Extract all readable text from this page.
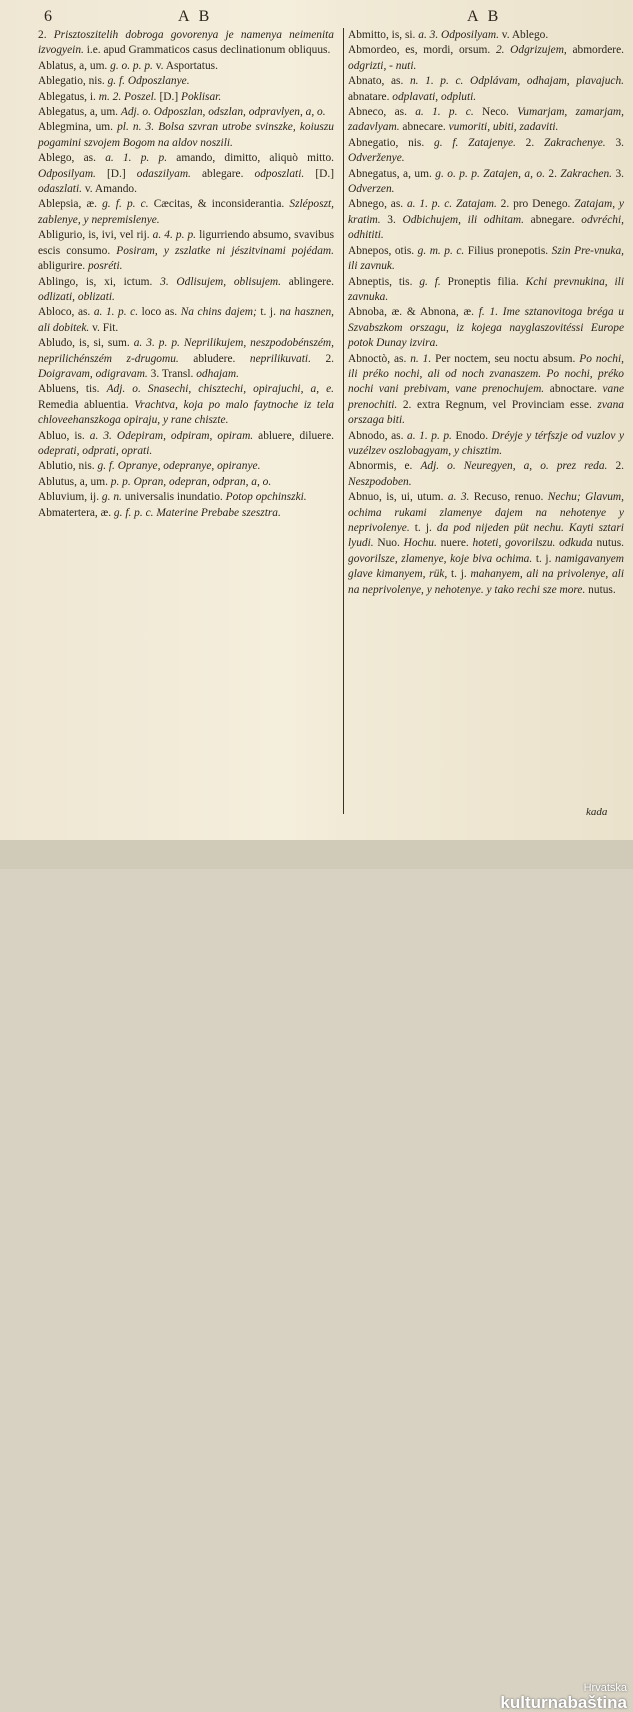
6	A B	A B

2. Prisztoszitelih dobroga govorenya je namenya neimenita izvogyein. i.e. apud Grammaticos casus declinationum obliquus.

Ablatus, a, um. g. o. p. p. v. Asportatus.

Ablegatio, nis. g. f. Odposzlanye.

Ablegatus, i. m. 2. Poszel. [D.] Poklisar.

Ablegatus, a, um. Adj. o. Odposzlan, odszlan, odpravlyen, a, o.

Ablegmina, um. pl. n. 3. Bolsa szvran utrobe svinszke, koiuszu pogamini szvojem Bogom na aldov noszili.

Ablego, as. a. 1. p. p. amando, dimitto, aliquò mitto. Odposilyam. [D.] odaszilyam. ablegare. odposzlati. [D.] odaszlati. v. Amando.

Ablepsia, æ. g. f. p. c. Cæcitas, & inconsiderantia. Szléposzt, zablenye, y nepremislenye.

Abligurio, is, ivi, vel rij. a. 4. p. p. ligurriendo absumo, svavibus escis consumo. Posiram, y zszlatke ni jészitvinami pojédam. abligurire. posréti.

Ablingo, is, xi, ictum. 3. Odlisujem, oblisujem. ablingere. odlizati, oblizati.

Abloco, as. a. 1. p. c. loco as. Na chins dajem; t. j. na hasznen, ali dobitek. v. Fit.

Abludo, is, si, sum. a. 3. p. p. Neprilikujem, neszpodobénszém, neprilichénszém z-drugomu. abludere. neprilikuvati. 2. Doigravam, odigravam. 3. Transl. odhajam.

Abluens, tis. Adj. o. Snasechi, chisztechi, opirajuchi, a, e. Remedia abluentia. Vrachtva, koja po malo faytnoche iz tela chloveehanszkoga opiraju, y rane chiszte.

Abluo, is. a. 3. Odepiram, odpiram, opiram. abluere, diluere. odeprati, odprati, oprati.

Ablutio, nis. g. f. Opranye, odepranye, opiranye.

Ablutus, a, um. p. p. Opran, odepran, odpran, a, o.

Abluvium, ij. g. n. universalis inundatio. Potop opchinszki.

Abmatertera, æ. g. f. p. c. Materine Prebabe szesztra.

Abmitto, is, si. a. 3. Odposilyam. v. Ablego.

Abmordeo, es, mordi, orsum. 2. Odgrizujem, abmordere. odgrizti, - nuti.

Abnato, as. n. 1. p. c. Odplávam, odhajam, plavajuch. abnatare. odplavati, odpluti.

Abneco, as. a. 1. p. c. Neco. Vumarjam, zamarjam, zadavlyam. abnecare. vumoriti, ubiti, zadaviti.

Abnegatio, nis. g. f. Zatajenye. 2. Zakrachenye. 3. Odverženye.

Abnegatus, a, um. g. o. p. p. Zatajen, a, o. 2. Zakrachen. 3. Odverzen.

Abnego, as. a. 1. p. c. Zatajam. 2. pro Denego. Zatajam, y kratim. 3. Odbichujem, ili odhitam. abnegare. odvréchi, odhititi.

Abnepos, otis. g. m. p. c. Filius pronepotis. Szin Pre-vnuka, ili zavnuk.

Abneptis, tis. g. f. Proneptis filia. Kchi prevnukina, ili zavnuka.

Abnoba, æ. & Abnona, æ. f. 1. Ime sztanovitoga bréga u Szvabszkom orszagu, iz kojega nayglaszovitéssi Europe potok Dunay izvira.

Abnoctò, as. n. 1. Per noctem, seu noctu absum. Po nochi, ili préko nochi, ali od noch zvanaszem. Po nochi, préko nochi vani prebivam, vane prenochujem. abnoctare. vane prenochiti. 2. extra Regnum, vel Provinciam esse. zvana orszaga biti.

Abnodo, as. a. 1. p. p. Enodo. Dréyje y térfszje od vuzlov y vuzélzev oszlobagyam, y chisztim.

Abnormis, e. Adj. o. Neuregyen, a, o. prez reda. 2. Neszpodoben.

Abnuo, is, ui, utum. a. 3. Recuso, renuo. Nechu; Glavum, ochima rukami zlamenye dajem na nehotenye y neprivolenye. t. j. da pod nijeden püt nechu. Kayti sztari lyudi. Nuo. Hochu. nuere. hoteti, govorilszu. odkuda nutus. govorilsze, zlamenye, koje biva ochima. t. j. namigavanyem glave kimanyem, rük, t. j. mahanyem, ali na privolenye, ali na neprivolenye, y nehotenye. y tako rechi sze more. nutus.

kada
Hrvatska
kulturnabaština
